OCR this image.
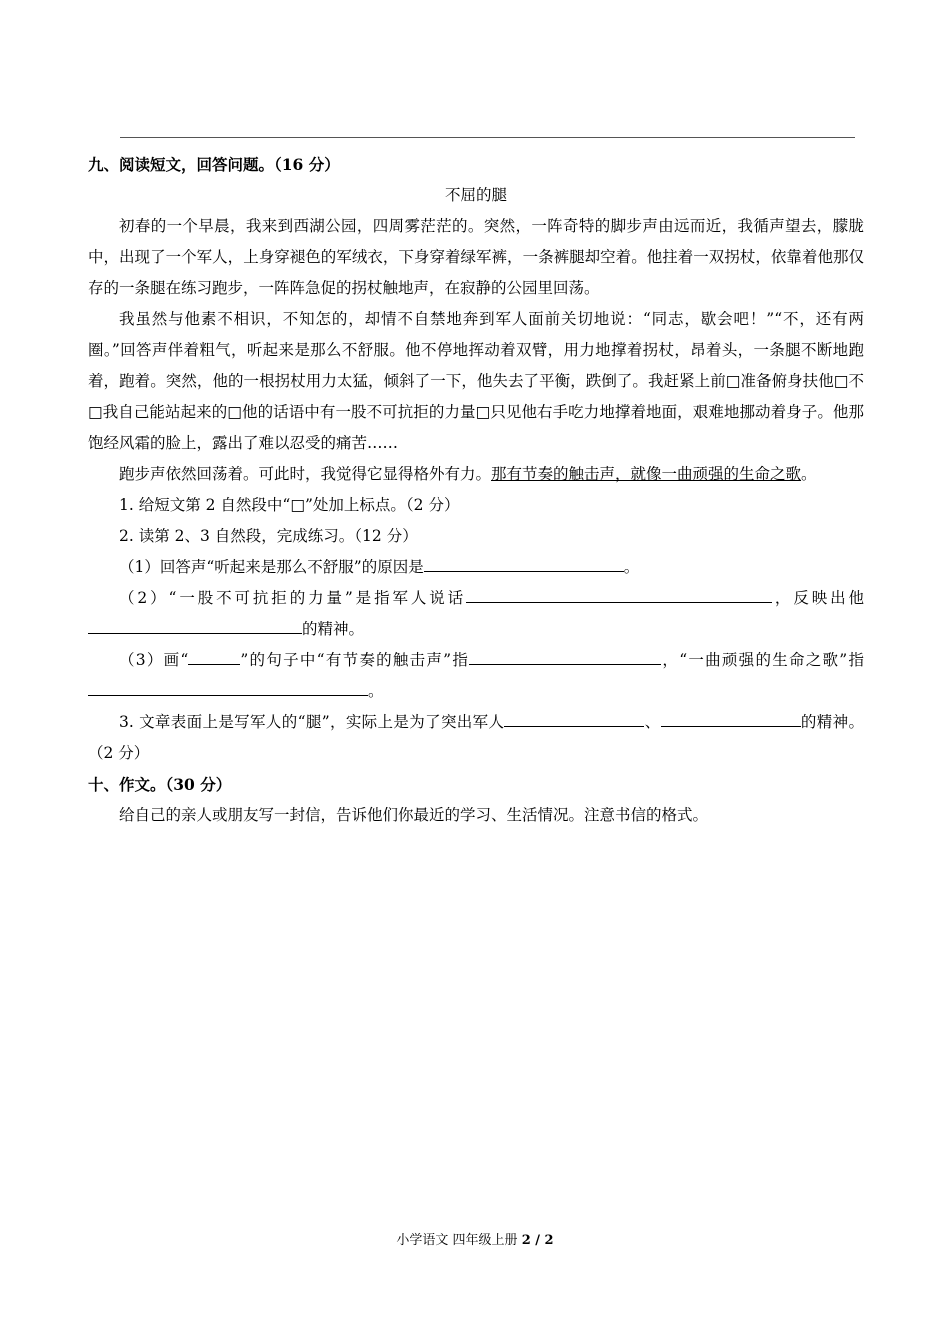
九、阅读短文，回答问题。（16 分）

不屈的腿

初春的一个早晨，我来到西湖公园，四周雾茫茫的。突然，一阵奇特的脚步声由远而近，我循声望去，朦胧中，出现了一个军人，上身穿褪色的军绒衣，下身穿着绿军裤，一条裤腿却空着。他拄着一双拐杖，依靠着他那仅存的一条腿在练习跑步，一阵阵急促的拐杖触地声，在寂静的公园里回荡。

我虽然与他素不相识，不知怎的，却情不自禁地奔到军人面前关切地说：“同志，歇会吧！”“不，还有两圈。”回答声伴着粗气，听起来是那么不舒服。他不停地挥动着双臂，用力地撑着拐杖，昂着头，一条腿不断地跑着，跑着。突然，他的一根拐杖用力太猛，倾斜了一下，他失去了平衡，跌倒了。我赶紧上前□准备俯身扶他□不□我自己能站起来的□他的话语中有一股不可抗拒的力量□只见他右手吃力地撑着地面，艰难地挪动着身子。他那饱经风霜的脸上，露出了难以忍受的痛苦……

跑步声依然回荡着。可此时，我觉得它显得格外有力。那有节奏的触击声，就像一曲顽强的生命之歌。

1. 给短文第 2 自然段中“□”处加上标点。（2 分）

2. 读第 2、3 自然段，完成练习。（12 分）

（1）回答声“听起来是那么不舒服”的原因是	。

（2）“一股不可抗拒的力量”是指军人说话	，反映出他的精神。

（3）画“	”的句子中“有节奏的触击声”指	，“一曲顽强的生命之歌”指。

3. 文章表面上是写军人的“腿”，实际上是为了突出军人	、	的精神。（2 分）

十、作文。（30 分）

给自己的亲人或朋友写一封信，告诉他们你最近的学习、生活情况。注意书信的格式。

小学语文 四年级上册 2 / 2
